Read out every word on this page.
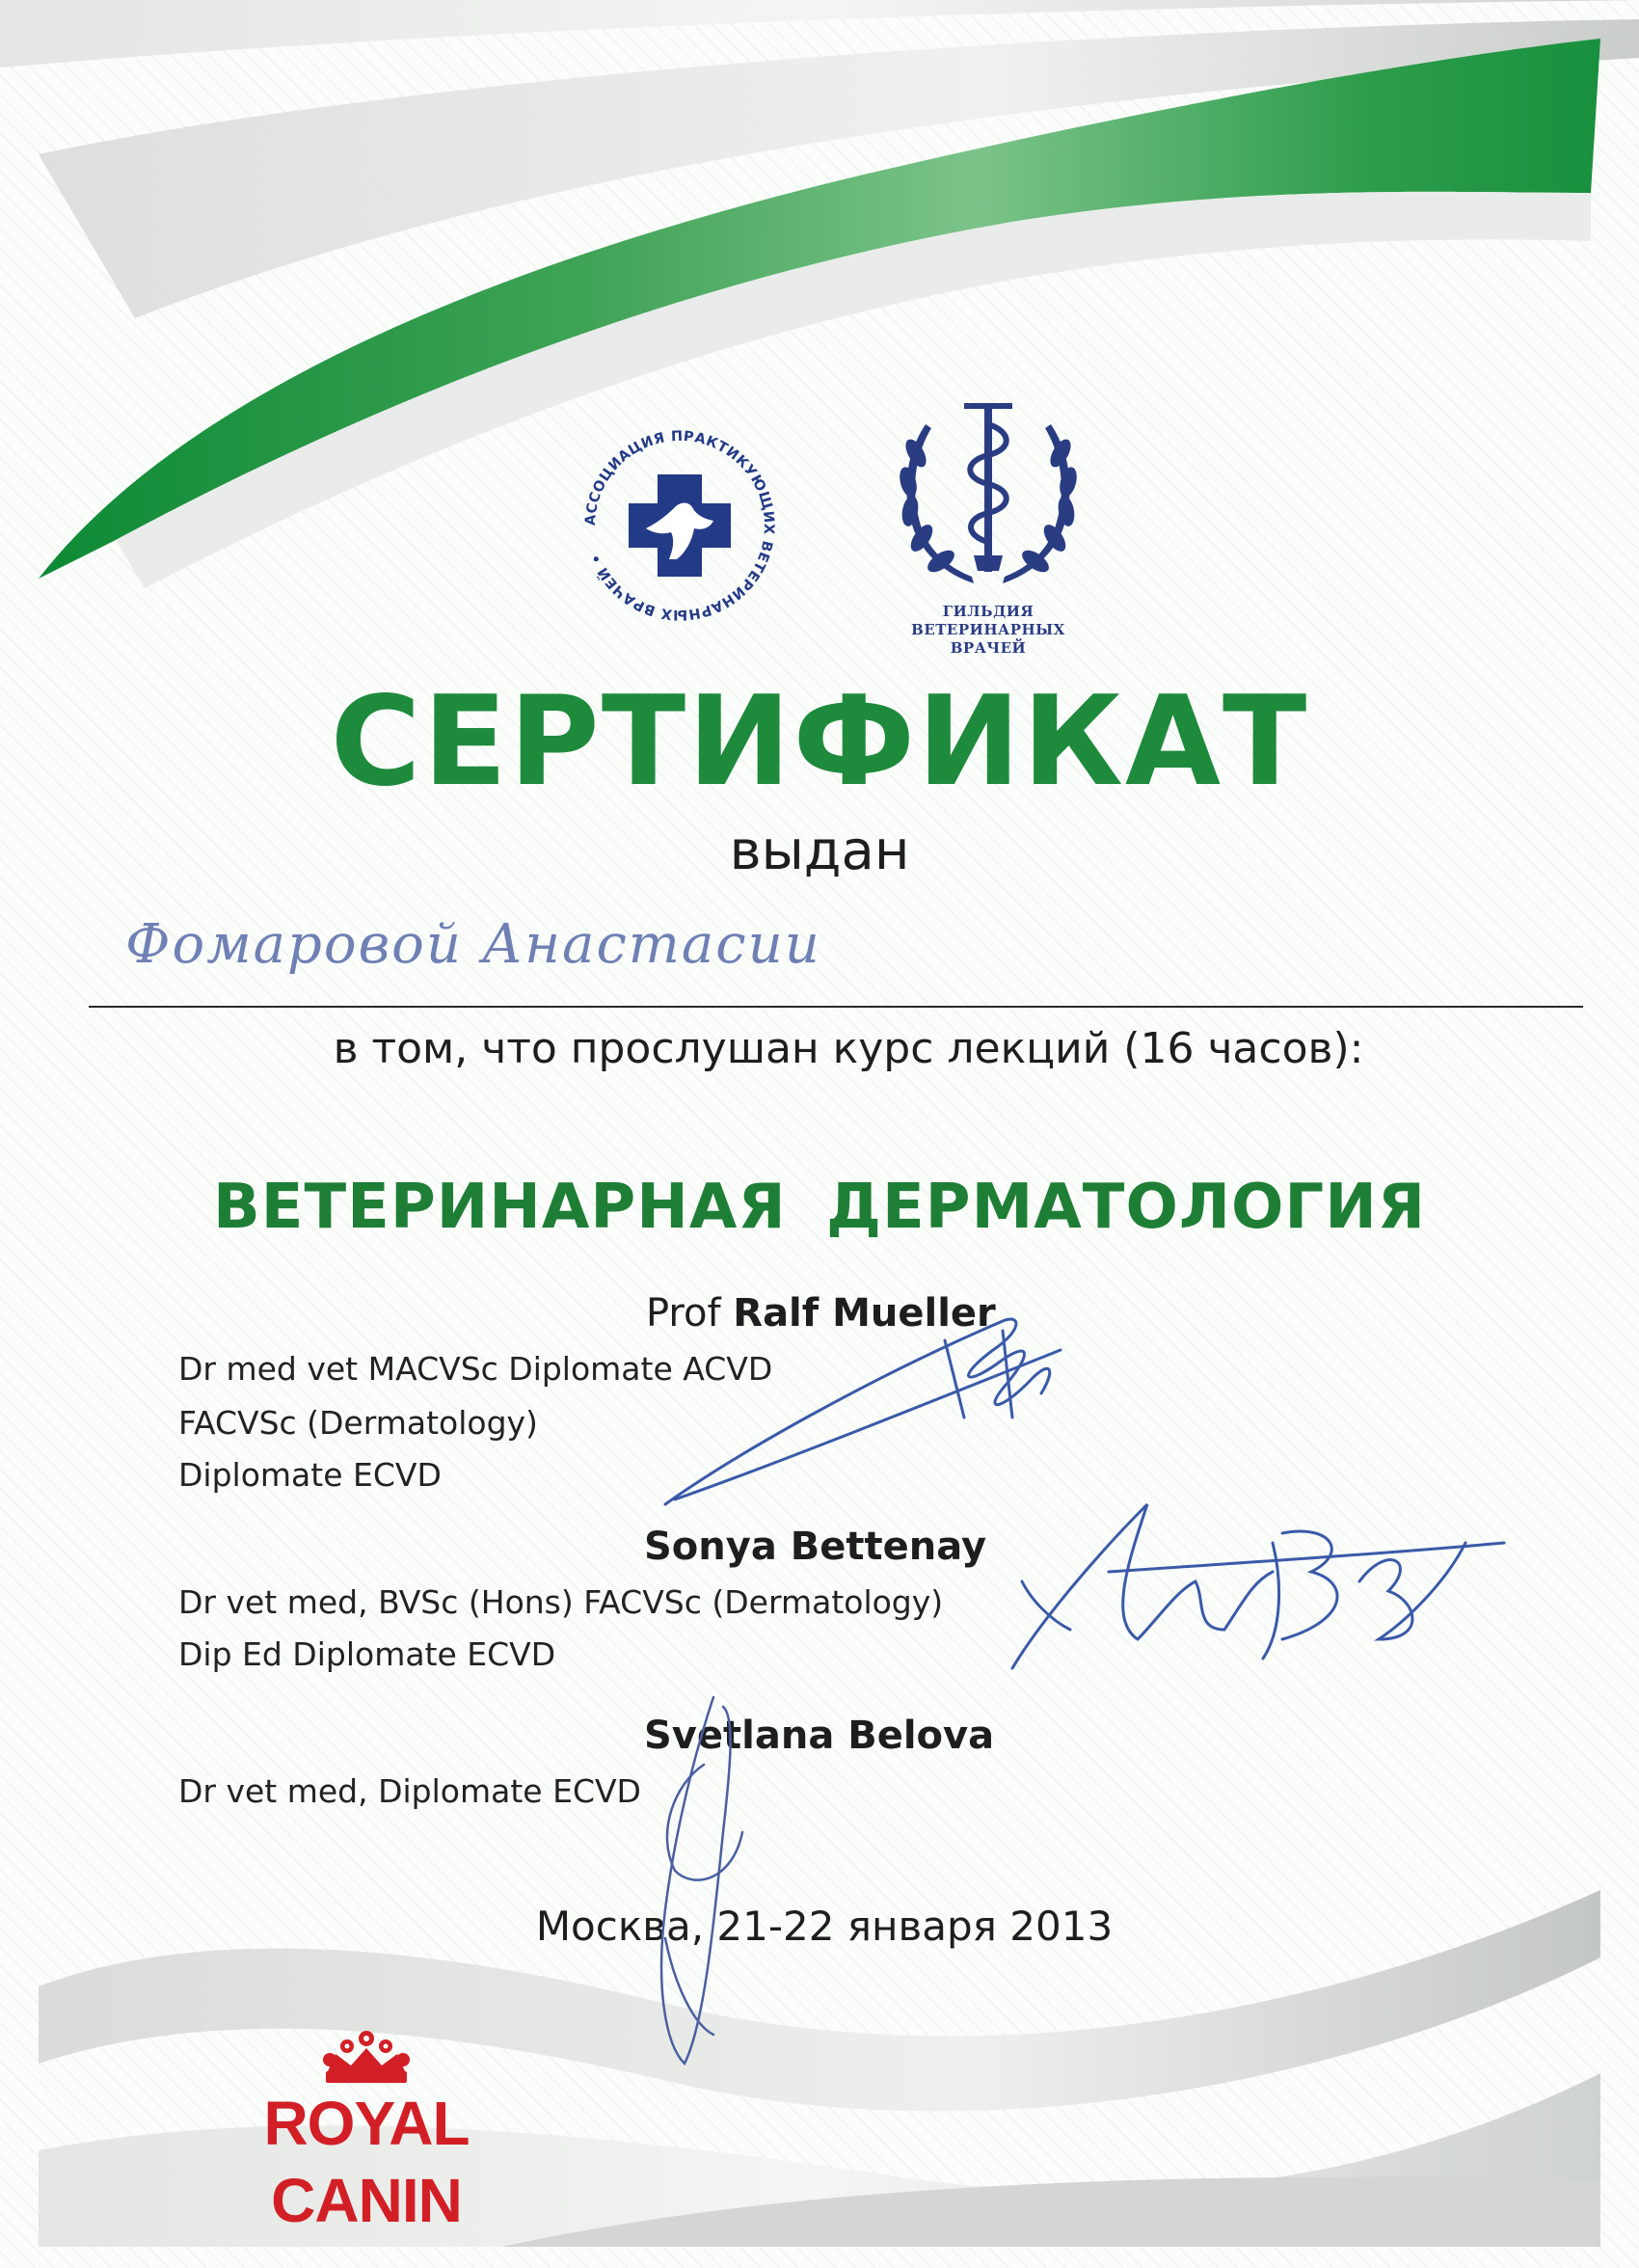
АССОЦИАЦИЯ ПРАКТИКУЮЩИХ ВЕТЕРИНАРНЫХ ВРАЧЕЙ •
ГИЛЬДИЯ
ВЕТЕРИНАРНЫХ
ВРАЧЕЙ
СЕРТИФИКАТ
выдан
Фомаровой Анастасии
в том, что прослушан курс лекций (16 часов):
ВЕТЕРИНАРНАЯ ДЕРМАТОЛОГИЯ
Prof Ralf Mueller
Dr med vet MACVSc Diplomate ACVD
FACVSc (Dermatology)
Diplomate ECVD
Sonya Bettenay
Dr vet med, BVSc (Hons) FACVSc (Dermatology)
Dip Ed Diplomate ECVD
Svetlana Belova
Dr vet med, Diplomate ECVD
Москва, 21-22 января 2013
ROYAL CANIN
